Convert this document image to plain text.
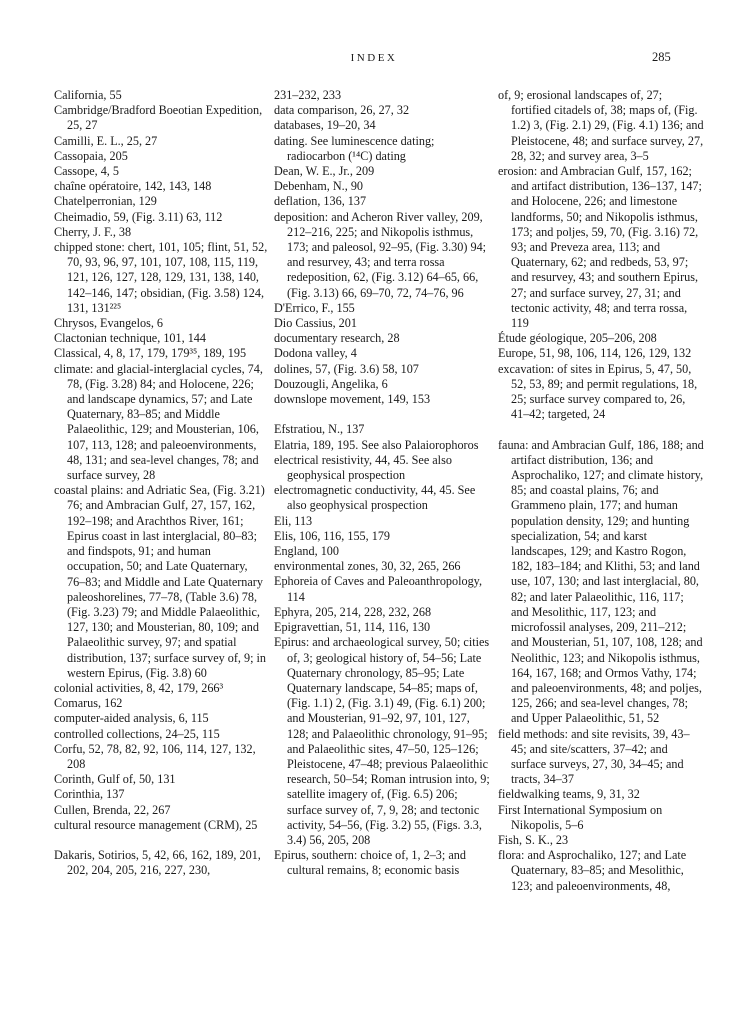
INDEX	285
California, 55
Cambridge/Bradford Boeotian Expedition, 25, 27
Camilli, E. L., 25, 27
Cassopaia, 205
Cassope, 4, 5
chaîne opératoire, 142, 143, 148
Chatelperronian, 129
Cheimadio, 59, (Fig. 3.11) 63, 112
Cherry, J. F., 38
chipped stone: chert, 101, 105; flint, 51, 52, 70, 93, 96, 97, 101, 107, 108, 115, 119, 121, 126, 127, 128, 129, 131, 138, 140, 142–146, 147; obsidian, (Fig. 3.58) 124, 131, 131²²⁵
Chrysos, Evangelos, 6
Clactonian technique, 101, 144
Classical, 4, 8, 17, 179, 179³⁵, 189, 195
climate: and glacial-interglacial cycles, 74, 78, (Fig. 3.28) 84; and Holocene, 226; and landscape dynamics, 57; and Late Quaternary, 83–85; and Middle Palaeolithic, 129; and Mousterian, 106, 107, 113, 128; and paleoenvironments, 48, 131; and sea-level changes, 78; and surface survey, 28
coastal plains: and Adriatic Sea, (Fig. 3.21) 76; and Ambracian Gulf, 27, 157, 162, 192–198; and Arachthos River, 161; Epirus coast in last interglacial, 80–83; and findspots, 91; and human occupation, 50; and Late Quaternary, 76–83; and Middle and Late Quaternary paleoshorelines, 77–78, (Table 3.6) 78, (Fig. 3.23) 79; and Middle Palaeolithic, 127, 130; and Mousterian, 80, 109; and Palaeolithic survey, 97; and spatial distribution, 137; surface survey of, 9; in western Epirus, (Fig. 3.8) 60
colonial activities, 8, 42, 179, 266³
Comarus, 162
computer-aided analysis, 6, 115
controlled collections, 24–25, 115
Corfu, 52, 78, 82, 92, 106, 114, 127, 132, 208
Corinth, Gulf of, 50, 131
Corinthia, 137
Cullen, Brenda, 22, 267
cultural resource management (CRM), 25
Dakaris, Sotirios, 5, 42, 66, 162, 189, 201, 202, 204, 205, 216, 227, 230,
231–232, 233
data comparison, 26, 27, 32
databases, 19–20, 34
dating. See luminescence dating; radiocarbon (¹⁴C) dating
Dean, W. E., Jr., 209
Debenham, N., 90
deflation, 136, 137
deposition: and Acheron River valley, 209, 212–216, 225; and Nikopolis isthmus, 173; and paleosol, 92–95, (Fig. 3.30) 94; and resurvey, 43; and terra rossa redeposition, 62, (Fig. 3.12) 64–65, 66, (Fig. 3.13) 66, 69–70, 72, 74–76, 96
D'Errico, F., 155
Dio Cassius, 201
documentary research, 28
Dodona valley, 4
dolines, 57, (Fig. 3.6) 58, 107
Douzougli, Angelika, 6
downslope movement, 149, 153
Efstratiou, N., 137
Elatria, 189, 195. See also Palaiorophoros
electrical resistivity, 44, 45. See also geophysical prospection
electromagnetic conductivity, 44, 45. See also geophysical prospection
Eli, 113
Elis, 106, 116, 155, 179
England, 100
environmental zones, 30, 32, 265, 266
Ephoreia of Caves and Paleoanthropology, 114
Ephyra, 205, 214, 228, 232, 268
Epigravettian, 51, 114, 116, 130
Epirus: and archaeological survey, 50; cities of, 3; geological history of, 54–56; Late Quaternary chronology, 85–95; Late Quaternary landscape, 54–85; maps of, (Fig. 1.1) 2, (Fig. 3.1) 49, (Fig. 6.1) 200; and Mousterian, 91–92, 97, 101, 127, 128; and Palaeolithic chronology, 91–95; and Palaeolithic sites, 47–50, 125–126; Pleistocene, 47–48; previous Palaeolithic research, 50–54; Roman intrusion into, 9; satellite imagery of, (Fig. 6.5) 206; surface survey of, 7, 9, 28; and tectonic activity, 54–56, (Fig. 3.2) 55, (Figs. 3.3, 3.4) 56, 205, 208
Epirus, southern: choice of, 1, 2–3; and cultural remains, 8; economic basis
of, 9; erosional landscapes of, 27; fortified citadels of, 38; maps of, (Fig. 1.2) 3, (Fig. 2.1) 29, (Fig. 4.1) 136; and Pleistocene, 48; and surface survey, 27, 28, 32; and survey area, 3–5
erosion: and Ambracian Gulf, 157, 162; and artifact distribution, 136–137, 147; and Holocene, 226; and limestone landforms, 50; and Nikopolis isthmus, 173; and poljes, 59, 70, (Fig. 3.16) 72, 93; and Preveza area, 113; and Quaternary, 62; and redbeds, 53, 97; and resurvey, 43; and southern Epirus, 27; and surface survey, 27, 31; and tectonic activity, 48; and terra rossa, 119
Étude géologique, 205–206, 208
Europe, 51, 98, 106, 114, 126, 129, 132
excavation: of sites in Epirus, 5, 47, 50, 52, 53, 89; and permit regulations, 18, 25; surface survey compared to, 26, 41–42; targeted, 24
fauna: and Ambracian Gulf, 186, 188; and artifact distribution, 136; and Asprochaliko, 127; and climate history, 85; and coastal plains, 76; and Grammeno plain, 177; and human population density, 129; and hunting specialization, 54; and karst landscapes, 129; and Kastro Rogon, 182, 183–184; and Klithi, 53; and land use, 107, 130; and last interglacial, 80, 82; and later Palaeolithic, 116, 117; and Mesolithic, 117, 123; and microfossil analyses, 209, 211–212; and Mousterian, 51, 107, 108, 128; and Neolithic, 123; and Nikopolis isthmus, 164, 167, 168; and Ormos Vathy, 174; and paleoenvironments, 48; and poljes, 125, 266; and sea-level changes, 78; and Upper Palaeolithic, 51, 52
field methods: and site revisits, 39, 43–45; and site/scatters, 37–42; and surface surveys, 27, 30, 34–45; and tracts, 34–37
fieldwalking teams, 9, 31, 32
First International Symposium on Nikopolis, 5–6
Fish, S. K., 23
flora: and Asprochaliko, 127; and Late Quaternary, 83–85; and Mesolithic, 123; and paleoenvironments, 48,
